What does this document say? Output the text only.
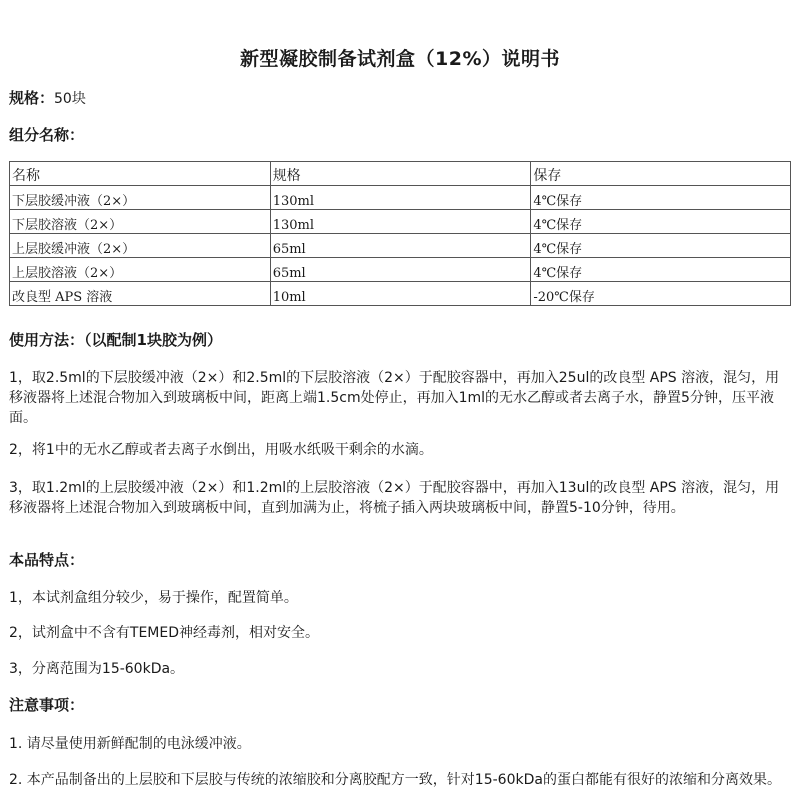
新型凝胶制备试剂盒（12%）说明书
规格：50块
组分名称：
名称	规格	保存
下层胶缓冲液（2×）	130ml	4℃保存
下层胶溶液（2×）	130ml	4℃保存
上层胶缓冲液（2×）	65ml	4℃保存
上层胶溶液（2×）	65ml	4℃保存
改良型 APS 溶液	10ml	-20℃保存
使用方法：（以配制1块胶为例）
1，取2.5ml的下层胶缓冲液（2×）和2.5ml的下层胶溶液（2×）于配胶容器中，再加入25ul的改良型 APS 溶液，混匀，用移液器将上述混合物加入到玻璃板中间，距离上端1.5cm处停止，再加入1ml的无水乙醇或者去离子水，静置5分钟，压平液面。
2，将1中的无水乙醇或者去离子水倒出，用吸水纸吸干剩余的水滴。
3，取1.2ml的上层胶缓冲液（2×）和1.2ml的上层胶溶液（2×）于配胶容器中，再加入13ul的改良型 APS 溶液，混匀，用移液器将上述混合物加入到玻璃板中间，直到加满为止，将梳子插入两块玻璃板中间，静置5-10分钟，待用。
本品特点：
1，本试剂盒组分较少，易于操作，配置简单。
2，试剂盒中不含有TEMED神经毒剂，相对安全。
3，分离范围为15-60kDa。
注意事项：
1. 请尽量使用新鲜配制的电泳缓冲液。
2. 本产品制备出的上层胶和下层胶与传统的浓缩胶和分离胶配方一致，针对15-60kDa的蛋白都能有很好的浓缩和分离效果。
